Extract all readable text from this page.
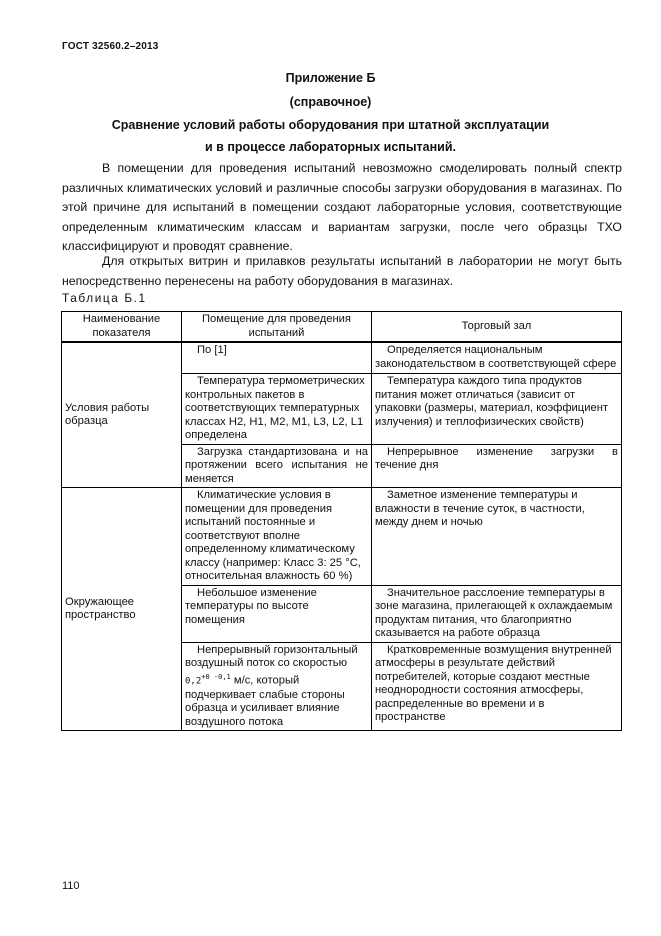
ГОСТ 32560.2–2013
Приложение Б
(справочное)
Сравнение условий работы оборудования при штатной эксплуатации
и в процессе лабораторных испытаний.
В помещении для проведения испытаний невозможно смоделировать полный спектр различных климатических условий и различные способы загрузки оборудования в магазинах. По этой причине для испытаний в помещении создают лабораторные условия, соответствующие определенным климатическим классам и вариантам загрузки, после чего образцы ТХО классифицируют и проводят сравнение.
Для открытых витрин и прилавков результаты испытаний в лаборатории не могут быть непосредственно перенесены на работу оборудования в магазинах.
Таблица Б.1
Наименование показателя	Помещение для проведения испытаний	Торговый зал
Условия работы образца	По [1]	Определяется национальным законодательством в соответствующей сфере
	Температура термометрических контрольных пакетов в соответствующих температурных классах H2, H1, M2, M1, L3, L2, L1 определена	Температура каждого типа продуктов питания может отличаться (зависит от упаковки (размеры, материал, коэффициент излучения) и теплофизических свойств)
	Загрузка стандартизована и на протяжении всего испытания не меняется	Непрерывное изменение загрузки в течение дня
Окружающее пространство	Климатические условия в помещении для проведения испытаний постоянные и соответствуют вполне определенному климатическому классу (например: Класс 3: 25 °С, относительная влажность 60 %)	Заметное изменение температуры и влажности в течение суток, в частности, между днем и ночью
	Небольшое изменение температуры по высоте помещения	Значительное расслоение температуры в зоне магазина, прилегающей к охлаждаемым продуктам питания, что благоприятно сказывается на работе образца
	Непрерывный горизонтальный воздушный поток со скоростью $0,2^{+0 -0,1}$ м/с, который подчеркивает слабые стороны образца и усиливает влияние воздушного потока	Кратковременные возмущения внутренней атмосферы в результате действий потребителей, которые создают местные неоднородности состояния атмосферы, распределенные во времени и в пространстве
110
